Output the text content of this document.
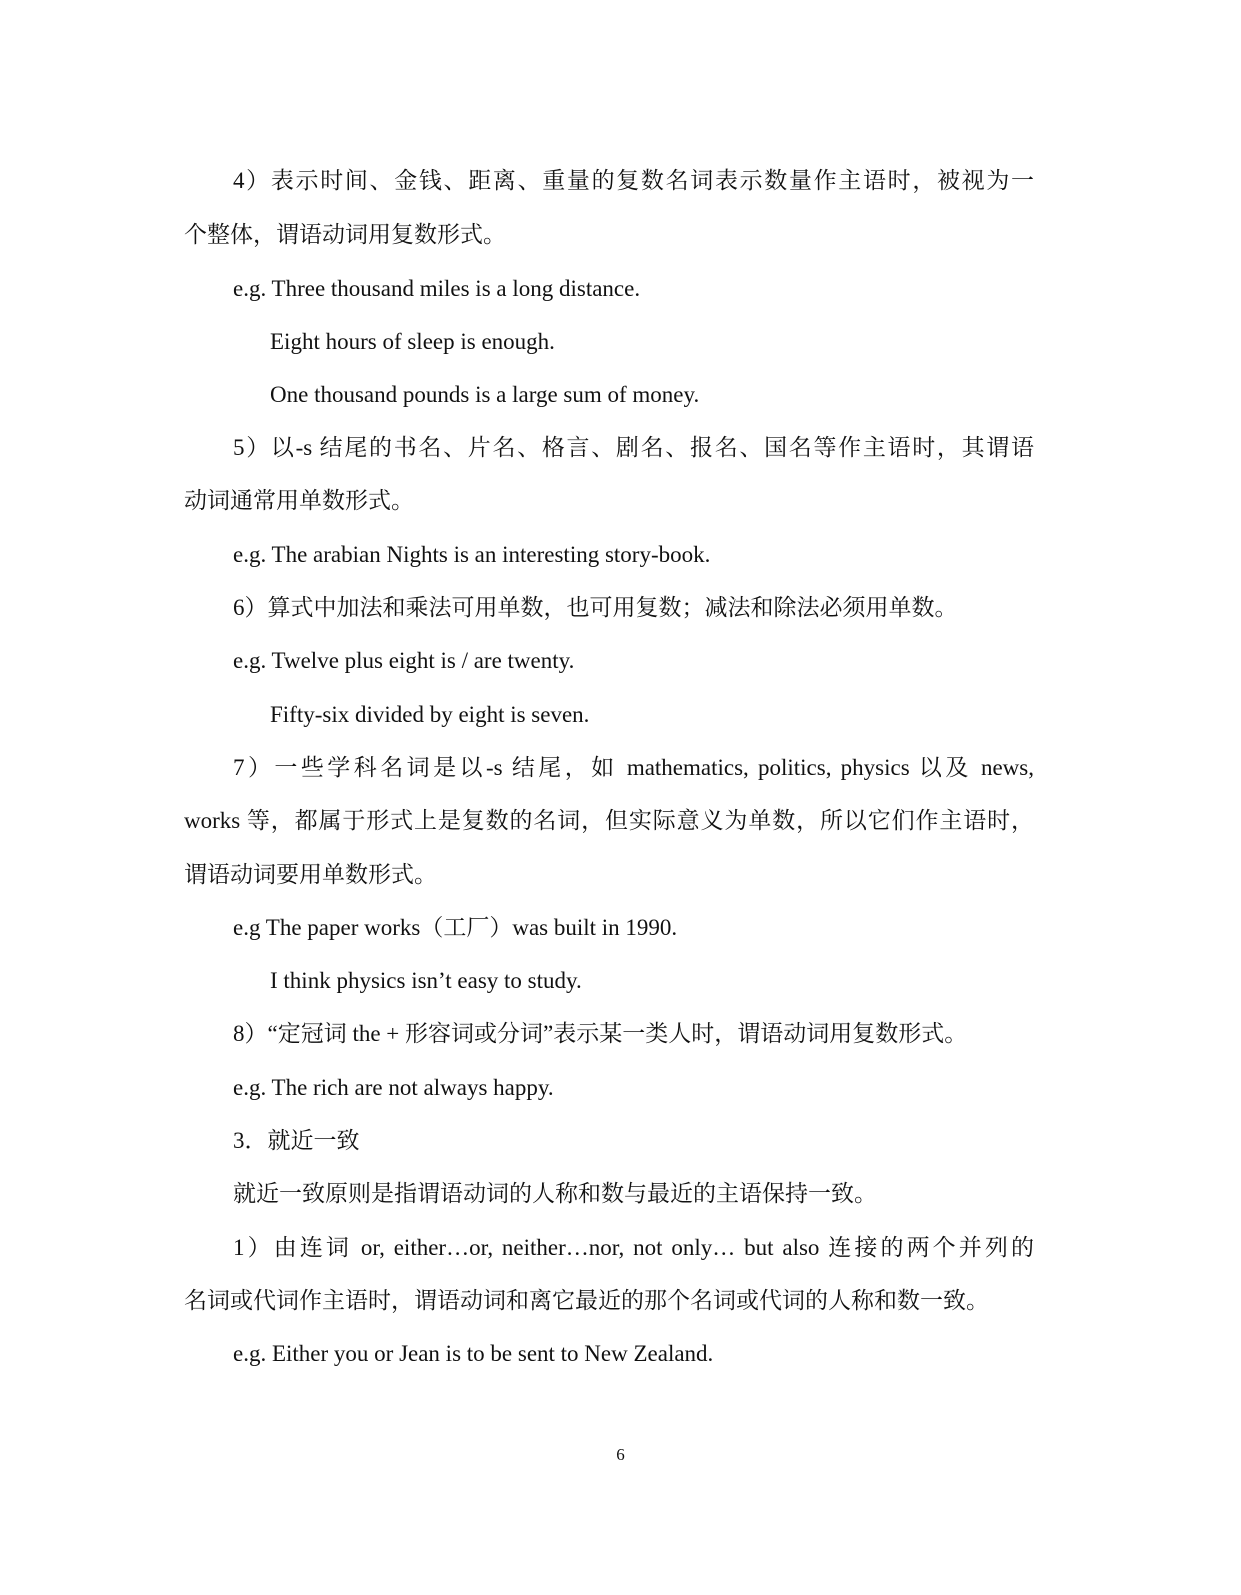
4）表示时间、金钱、距离、重量的复数名词表示数量作主语时，被视为一
个整体，谓语动词用复数形式。
e.g. Three thousand miles is a long distance.
Eight hours of sleep is enough.
One thousand pounds is a large sum of money.
5）以-s 结尾的书名、片名、格言、剧名、报名、国名等作主语时，其谓语
动词通常用单数形式。
e.g. The arabian Nights is an interesting story-book.
6）算式中加法和乘法可用单数，也可用复数；减法和除法必须用单数。
e.g. Twelve plus eight is / are twenty.
Fifty-six divided by eight is seven.
7）一些学科名词是以-s 结尾，如 mathematics, politics, physics 以及 news,
works 等，都属于形式上是复数的名词，但实际意义为单数，所以它们作主语时，
谓语动词要用单数形式。
e.g The paper works（工厂）was built in 1990.
I think physics isn’t easy to study.
8）“定冠词 the + 形容词或分词”表示某一类人时，谓语动词用复数形式。
e.g. The rich are not always happy.
3．就近一致
就近一致原则是指谓语动词的人称和数与最近的主语保持一致。
1）由连词 or, either…or, neither…nor, not only… but also 连接的两个并列的
名词或代词作主语时，谓语动词和离它最近的那个名词或代词的人称和数一致。
e.g. Either you or Jean is to be sent to New Zealand.
6
